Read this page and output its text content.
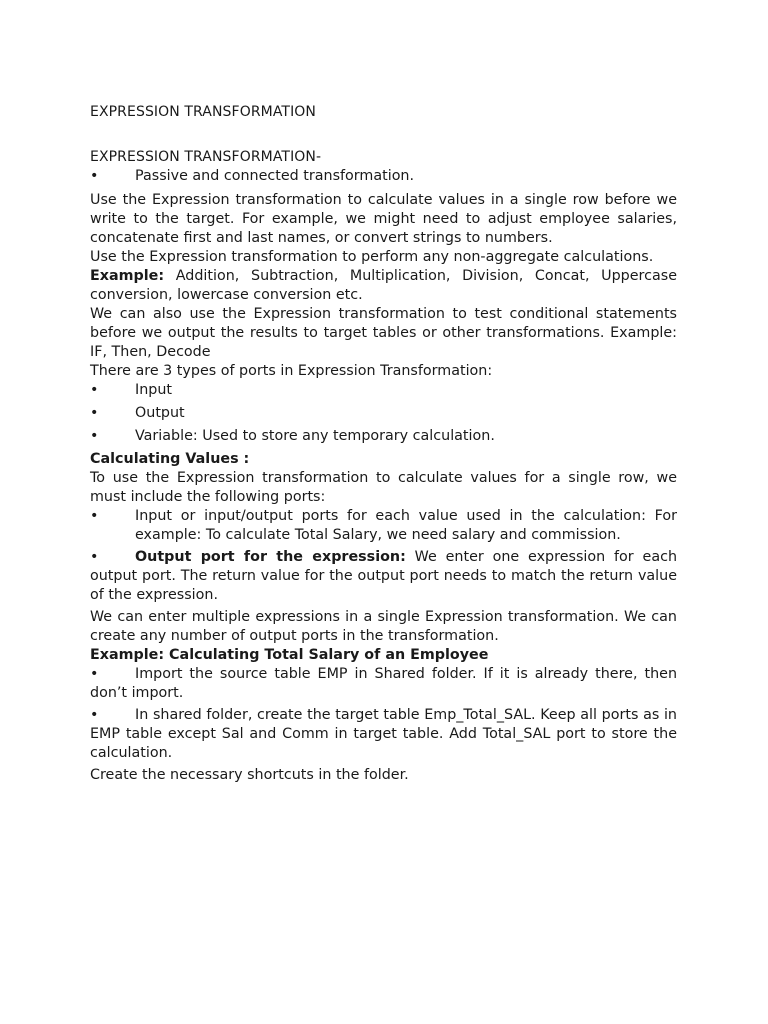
EXPRESSION TRANSFORMATION
EXPRESSION TRANSFORMATION-
•	Passive and connected transformation.

Use the Expression transformation to calculate values in a single row before we write to the target. For example, we might need to adjust employee salaries, concatenate first and last names, or convert strings to numbers.

Use the Expression transformation to perform any non-aggregate calculations.

Example: Addition, Subtraction, Multiplication, Division, Concat, Uppercase conversion, lowercase conversion etc.

We can also use the Expression transformation to test conditional statements before we output the results to target tables or other transformations. Example: IF, Then, Decode

There are 3 types of ports in Expression Transformation:

•	Input
•	Output
•	Variable: Used to store any temporary calculation.
Calculating Values :

To use the Expression transformation to calculate values for a single row, we must include the following ports:

•	Input or input/output ports for each value used in the calculation: For example: To calculate Total Salary, we need salary and commission.
•	Output port for the expression: We enter one expression for each output port. The return value for the output port needs to match the return value of the expression.

We can enter multiple expressions in a single Expression transformation. We can create any number of output ports in the transformation.

Example: Calculating Total Salary of an Employee
•	Import the source table EMP in Shared folder. If it is already there, then don’t import.
•	In shared folder, create the target table Emp_Total_SAL. Keep all ports as in EMP table except Sal and Comm in target table. Add Total_SAL port to store the calculation.

Create the necessary shortcuts in the folder.
